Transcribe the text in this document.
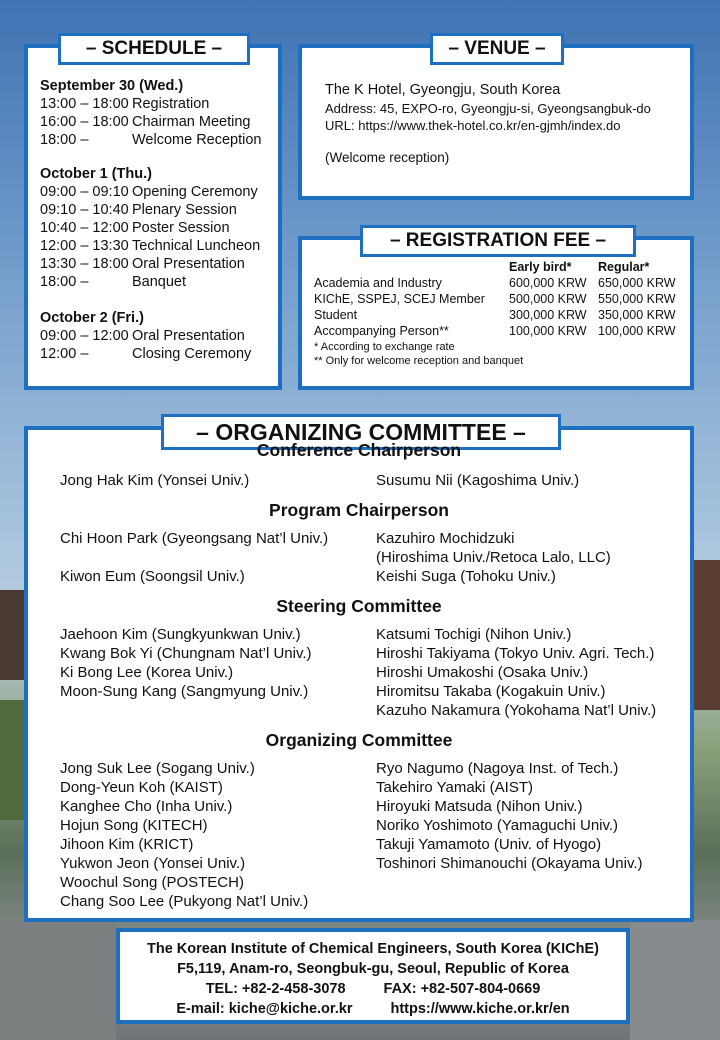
– SCHEDULE –
September 30 (Wed.)
13:00 – 18:00 Registration
16:00 – 18:00 Chairman Meeting
18:00 –	Welcome Reception
October 1 (Thu.)
09:00 – 09:10 Opening Ceremony
09:10 – 10:40 Plenary Session
10:40 – 12:00 Poster Session
12:00 – 13:30 Technical Luncheon
13:30 – 18:00 Oral Presentation
18:00 –	Banquet
October 2 (Fri.)
09:00 – 12:00 Oral Presentation
12:00 –	Closing Ceremony
– VENUE –
The K Hotel, Gyeongju, South Korea
Address: 45, EXPO-ro, Gyeongju-si, Gyeongsangbuk-do
URL: https://www.thek-hotel.co.kr/en-gjmh/index.do
(Welcome reception)
– REGISTRATION FEE –
Early bird* Regular*
Academia and Industry	600,000 KRW 650,000 KRW
KIChE, SSPEJ, SCEJ Member 500,000 KRW 550,000 KRW
Student	300,000 KRW 350,000 KRW
Accompanying Person**	100,000 KRW 100,000 KRW
* According to exchange rate
** Only for welcome reception and banquet
– ORGANIZING COMMITTEE –
Conference Chairperson
Jong Hak Kim (Yonsei Univ.)	Susumu Nii (Kagoshima Univ.)
Program Chairperson
Chi Hoon Park (Gyeongsang Nat’l Univ.)	Kazuhiro Mochidzuki
(Hiroshima Univ./Retoca Lalo, LLC)
Kiwon Eum (Soongsil Univ.)	Keishi Suga (Tohoku Univ.)
Steering Committee
Jaehoon Kim (Sungkyunkwan Univ.)
Kwang Bok Yi (Chungnam Nat’l Univ.)
Ki Bong Lee (Korea Univ.)
Moon-Sung Kang (Sangmyung Univ.)
Katsumi Tochigi (Nihon Univ.)
Hiroshi Takiyama (Tokyo Univ. Agri. Tech.)
Hiroshi Umakoshi (Osaka Univ.)
Hiromitsu Takaba (Kogakuin Univ.)
Kazuho Nakamura (Yokohama Nat’l Univ.)
Organizing Committee
Jong Suk Lee (Sogang Univ.)
Dong-Yeun Koh (KAIST)
Kanghee Cho (Inha Univ.)
Hojun Song (KITECH)
Jihoon Kim (KRICT)
Yukwon Jeon (Yonsei Univ.)
Woochul Song (POSTECH)
Chang Soo Lee (Pukyong Nat’l Univ.)
Ryo Nagumo (Nagoya Inst. of Tech.)
Takehiro Yamaki (AIST)
Hiroyuki Matsuda (Nihon Univ.)
Noriko Yoshimoto (Yamaguchi Univ.)
Takuji Yamamoto (Univ. of Hyogo)
Toshinori Shimanouchi (Okayama Univ.)
The Korean Institute of Chemical Engineers, South Korea (KIChE)
F5,119, Anam-ro, Seongbuk-gu, Seoul, Republic of Korea
TEL: +82-2-458-3078	FAX: +82-507-804-0669
E-mail: kiche@kiche.or.kr	https://www.kiche.or.kr/en
